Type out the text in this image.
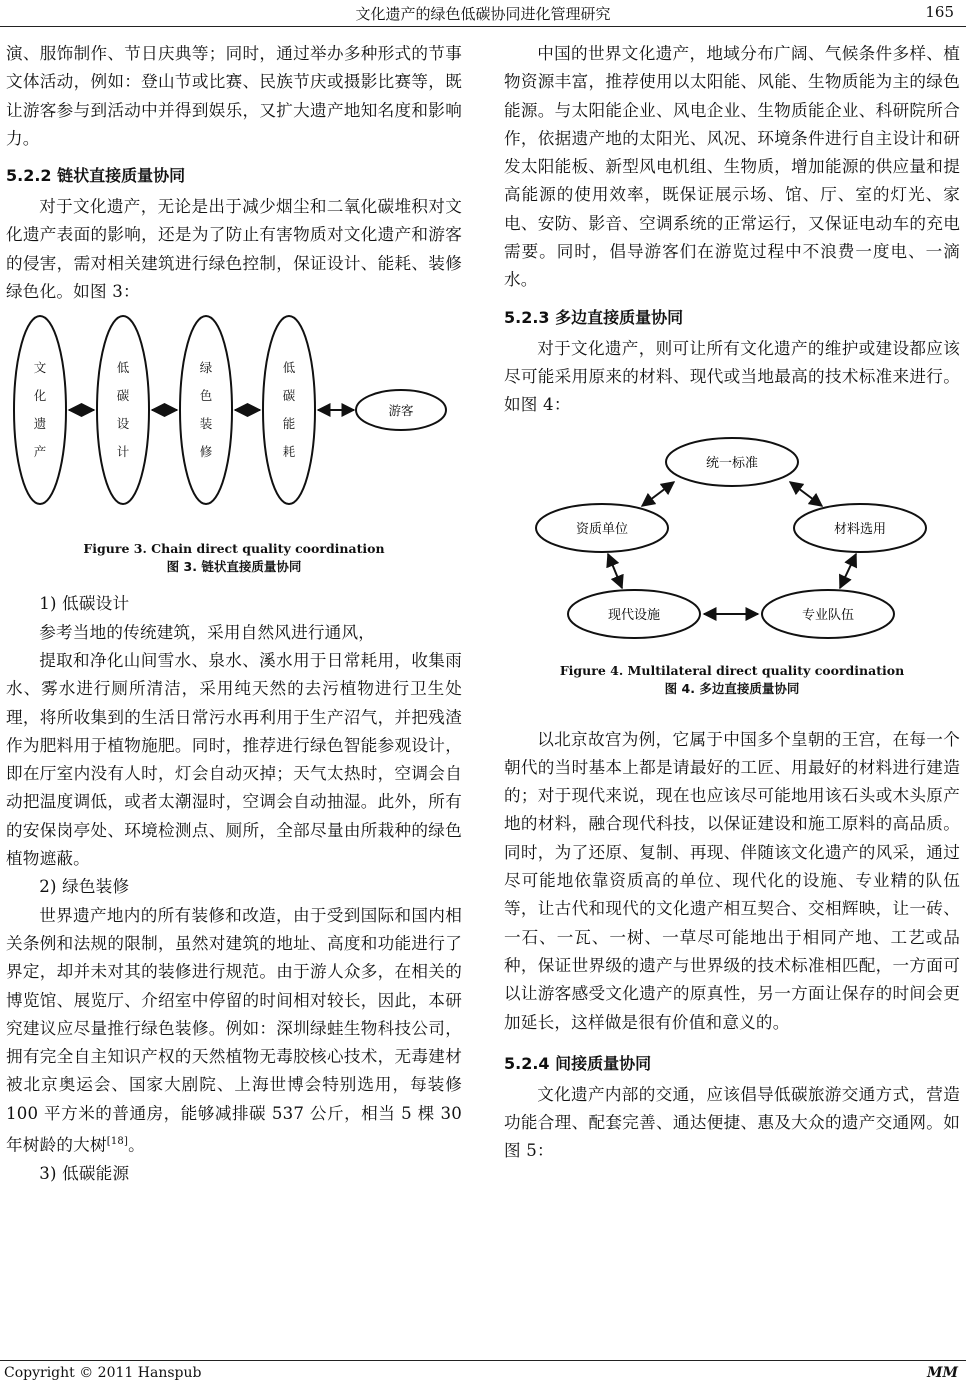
文化遗产的绿色低碳协同进化管理研究	165

演、服饰制作、节日庆典等；同时，通过举办多种形式的节事文体活动，例如：登山节或比赛、民族节庆或摄影比赛等，既让游客参与到活动中并得到娱乐，又扩大遗产地知名度和影响力。

5.2.2 链状直接质量协同

对于文化遗产，无论是出于减少烟尘和二氧化碳堆积对文化遗产表面的影响，还是为了防止有害物质对文化遗产和游客的侵害，需对相关建筑进行绿色控制，保证设计、能耗、装修绿色化。如图 3：

文
化
遗
产
低
碳
设
计
绿
色
装
修
低
碳
能
耗
游客

Figure 3. Chain direct quality coordination

图 3. 链状直接质量协同

1) 低碳设计

参考当地的传统建筑，采用自然风进行通风，

提取和净化山间雪水、泉水、溪水用于日常耗用，收集雨水、雾水进行厕所清洁，采用纯天然的去污植物进行卫生处理，将所收集到的生活日常污水再利用于生产沼气，并把残渣作为肥料用于植物施肥。同时，推荐进行绿色智能参观设计，即在厅室内没有人时，灯会自动灭掉；天气太热时，空调会自动把温度调低，或者太潮湿时，空调会自动抽湿。此外，所有的安保岗亭处、环境检测点、厕所，全部尽量由所栽种的绿色植物遮蔽。

2) 绿色装修

世界遗产地内的所有装修和改造，由于受到国际和国内相关条例和法规的限制，虽然对建筑的地址、高度和功能进行了界定，却并未对其的装修进行规范。由于游人众多，在相关的博览馆、展览厅、介绍室中停留的时间相对较长，因此，本研究建议应尽量推行绿色装修。例如：深圳绿蛙生物科技公司，拥有完全自主知识产权的天然植物无毒胶核心技术，无毒建材被北京奥运会、国家大剧院、上海世博会特别选用，每装修 100 平方米的普通房，能够减排碳 537 公斤，相当 5 棵 30 年树龄的大树[18]。

3) 低碳能源

中国的世界文化遗产，地域分布广阔、气候条件多样、植物资源丰富，推荐使用以太阳能、风能、生物质能为主的绿色能源。与太阳能企业、风电企业、生物质能企业、科研院所合作，依据遗产地的太阳光、风况、环境条件进行自主设计和研发太阳能板、新型风电机组、生物质，增加能源的供应量和提高能源的使用效率，既保证展示场、馆、厅、室的灯光、家电、安防、影音、空调系统的正常运行，又保证电动车的充电需要。同时，倡导游客们在游览过程中不浪费一度电、一滴水。

5.2.3 多边直接质量协同

对于文化遗产，则可让所有文化遗产的维护或建设都应该尽可能采用原来的材料、现代或当地最高的技术标准来进行。如图 4：

统一标准
资质单位	材料选用
现代设施	专业队伍

Figure 4. Multilateral direct quality coordination

图 4. 多边直接质量协同

以北京故宫为例，它属于中国多个皇朝的王宫，在每一个朝代的当时基本上都是请最好的工匠、用最好的材料进行建造的；对于现代来说，现在也应该尽可能地用该石头或木头原产地的材料，融合现代科技，以保证建设和施工原料的高品质。同时，为了还原、复制、再现、伴随该文化遗产的风采，通过尽可能地依靠资质高的单位、现代化的设施、专业精的队伍等，让古代和现代的文化遗产相互契合、交相辉映，让一砖、一石、一瓦、一树、一草尽可能地出于相同产地、工艺或品种，保证世界级的遗产与世界级的技术标准相匹配，一方面可以让游客感受文化遗产的原真性，另一方面让保存的时间会更加延长，这样做是很有价值和意义的。

5.2.4 间接质量协同

文化遗产内部的交通，应该倡导低碳旅游交通方式，营造功能合理、配套完善、通达便捷、惠及大众的遗产交通网。如图 5：

Copyright © 2011 Hanspub	MM
